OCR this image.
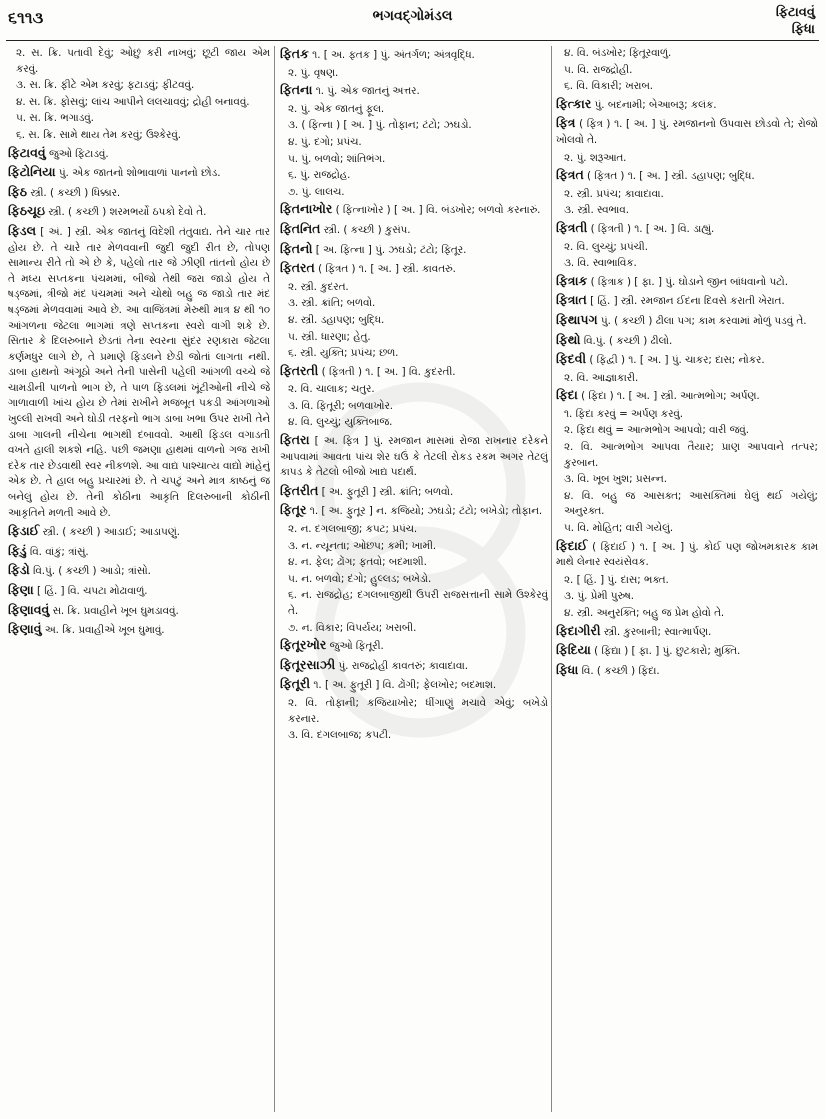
૬૧૧૩	ભગવદ્ગોમંડલ	ફિટાવવું
ફિધા
૨. સ. ક્રિ. પતાવી દેવું; ઓછું કરી નાખવું; છૂટી જાય એમ કરવું.
૩. સ. ક્રિ. ફીટે એમ કરવું; ફટાડવું; ફીટવવું.
૪. સ. ક્રિ. ફોસવું; લાંચ આપીને લલચાવવું; દ્રોહી બનાવવું.
૫. સ. ક્રિ. ભગાડવું.
૬. સ. ક્રિ. સામે થાય તેમ કરવું; ઉશ્કેરવું.
ફિટાવવું જુઓ ફિટાડવું.
ફિટોનિયા પું. એક જાતનો શોભાવાળાં પાનનો છોડ.
ફિઠ સ્ત્રી. ( કચ્છી ) ધિક્કાર.
ફિઠચૂઇ સ્ત્રી. ( કચ્છી ) શરમભર્યો ઠપકો દેવો તે.
ફિડલ [ અં. ] સ્ત્રી. એક જાતનું વિદેશી તંતુવાદ્ય. તેને ચાર તાર હોય છે. તે ચારે તાર મેળવવાની જુદી જુદી રીત છે, તોપણ સામાન્ય રીતે તો એ છે કે, પહેલો તાર જે ઝીણી તાંતનો હોય છે તે મધ્ય સપ્તકના પંચમમાં, બીજો તેથી જરા જાડો હોય તે ષડ્જમાં, ત્રીજો મંદ પંચમમાં અને ચોથો બહુ જ જાડો તાર મંદ ષડ્જમાં મેળવવામાં આવે છે. આ વાજિંત્રમાં મેરુથી માત્ર ૪ થી ૧૦ આંગળના જેટલા ભાગમાં ત્રણે સપ્તકના સ્વરો વાગી શકે છે. સિતાર કે દિલરુબાને છેડતાં તેના સ્વરના સુંદર રણકારા જેટલા કર્ણમધુર લાગે છે, તે પ્રમાણે ફિડલને છેડી જોતાં લાગતા નથી. ડાબા હાથનો અંગૂઠો અને તેની પાસેની પહેલી આંગળી વચ્ચે જે ચામડીની પાળનો ભાગ છે, તે પાળ ફિડલમાં ખૂંટીઓની નીચે જે ગાળાવાળી ખાંચ હોય છે તેમાં રાખીને મજબૂત પકડી આંગળાઓ ખુલ્લી રાખવી અને ઘોડી તરફનો ભાગ ડાબા ખભા ઉપર રાખી તેને ડાબા ગાલની નીચેના ભાગથી દબાવવો. આથી ફિડલ વગાડતી વખતે હાલી શકશે નહિ. પછી જમણા હાથમાં વાળનો ગજ રાખી દરેક તાર છેડવાથી સ્વર નીકળશે. આ વાદ્ય પાશ્ચાત્ય વાદ્યો માંહેનું એક છે. તે હાલ બહુ પ્રચારમાં છે. તે ચપટું અને માત્ર કાષ્ઠનું જ બનેલું હોય છે. તેની કોઠીના આકૃતિ દિલરુબાની કોઠીની આકૃતિને મળતી આવે છે.
ફિડાઈ સ્ત્રી. ( કચ્છી ) આડાઈ; આડાપણું.
ફિડું વિ. વાંકું; ત્રાંસું.
ફિડો વિ.પું. ( કચ્છી ) આડો; ત્રાંસો.
ફિણા [ હિં. ] વિ. ચપટા મોઢાવાળું.
ફિણાવવું સ. ક્રિ. પ્રવાહીને ખૂબ ઘુમડાવવું.
ફિણાવું અ. ક્રિ. પ્રવાહીએ ખૂબ ઘુમાવું.
ફિતક ૧. [ અ. ફતક ] પું. અંતર્ગળ; અંત્રવૃદ્ધિ.
૨. પું. વૃષણ.
ફિતના ૧. પું. એક જાતનું અત્તર.
૨. પું. એક જાતનું ફૂલ.
૩. ( ફિત્ના ) [ અ. ] પું. તોફાન; ટંટો; ઝઘડો.
૪. પું. દગો; પ્રપંચ.
૫. પું. બળવો; શાંતિભંગ.
૬. પું. રાજદ્રોહ.
૭. પું. લાલચ.
ફિતનાખોર ( ફિત્નાખોર ) [ અ. ] વિ. બંડખોર; બળવો કરનારું.
ફિતનિત સ્ત્રી. ( કચ્છી ) કુસંપ.
ફિતનો [ અ. ફિત્ના ] પું. ઝઘડો; ટંટો; ફિતૂર.
ફિતરત ( ફિત્રત ) ૧. [ અ. ] સ્ત્રી. કાવતરું.
૨. સ્ત્રી. કુદરત.
૩. સ્ત્રી. ક્રાંતિ; બળવો.
૪. સ્ત્રી. ડહાપણ; બુદ્ધિ.
૫. સ્ત્રી. ધારણા; હેતુ.
૬. સ્ત્રી. યુક્તિ; પ્રપંચ; છળ.
ફિતરતી ( ફિત્રતી ) ૧. [ અ. ] વિ. કુદરતી.
૨. વિ. ચાલાક; ચતુર.
૩. વિ. ફિતૂરી; બળવાખોર.
૪. વિ. લુચ્ચું; યુક્તિબાજ.
ફિતરા [ અ. ફિત્ર ] પું. રમજાન માસમાં રોજા રાખનાર દરેકને આપવામાં આવતા પાંચ શેર ઘઉં કે તેટલી રોકડ રકમ અગર તેટલું કાપડ કે તેટલો બીજો ખાદ્ય પદાર્થ.
ફિતરીત [ અ. ફુતૂરી ] સ્ત્રી. ક્રાંતિ; બળવો.
ફિતૂર ૧. [ અ. ફુતૂર ] ન. કજિયો; ઝઘડો; ટંટો; બખેડો; તોફાન.
૨. ન. દગલબાજી; કપટ; પ્રપંચ.
૩. ન. ન્યૂનતા; ઓછપ; કમી; ખામી.
૪. ન. ફેલ; ઢોંગ; ફતવો; બદમાશી.
૫. ન. બળવો; દંગો; હુલ્લડ; બખેડો.
૬. ન. રાજદ્રોહ; દગલબાજીથી ઉપરી રાજસત્તાની સામે ઉશ્કેરવું તે.
૭. ન. વિકાર; વિપર્યય; ખરાબી.
ફિતૂરખોર જુઓ ફિતૂરી.
ફિતૂરસાઝી પું. રાજદ્રોહી કાવતરું; કાવાદાવા.
ફિતૂરી ૧. [ અ. ફુતૂરી ] વિ. ઢોંગી; ફેલખોર; બદમાશ.
૨. વિ. તોફાની; કજિયાખોર; ધીંગાણું મચાવે એવું; બખેડો કરનાર.
૩. વિ. દગલબાજ; કપટી.
૪. વિ. બંડખોર; ફિતૂરવાળું.
૫. વિ. રાજદ્રોહી.
૬. વિ. વિકારી; ખરાબ.
ફિત્કાર પું. બદનામી; બેઆબરૂ; કલંક.
ફિત્ર ( ફિત્ર ) ૧. [ અ. ] પું. રમજાનનો ઉપવાસ છોડવો તે; રોજો ખોલવો તે.
૨. પું. શરૂઆત.
ફિત્રત ( ફિત્રત ) ૧. [ અ. ] સ્ત્રી. ડહાપણ; બુદ્ધિ.
૨. સ્ત્રી. પ્રપંચ; કાવાદાવા.
૩. સ્ત્રી. સ્વભાવ.
ફિત્રતી ( ફિત્રતી ) ૧. [ અ. ] વિ. ડાહ્યું.
૨. વિ. લુચ્ચું; પ્રપંચી.
૩. વિ. સ્વાભાવિક.
ફિત્રાક ( ફિત્રાક ) [ ફા. ] પું. ઘોડાને જીન બાંધવાનો પટો.
ફિત્રાત [ હિં. ] સ્ત્રી. રમજાન ઈદના દિવસે કરાતી ખેરાત.
ફિથાપગ પું. ( કચ્છી ) ઢીલા પગ; કામ કરવામાં મોળું પડવું તે.
ફિથો વિ.પું. ( કચ્છી ) ઢીલો.
ફિદવી ( ફિદ્વી ) ૧. [ અ. ] પું. ચાકર; દાસ; નોકર.
૨. વિ. આજ્ઞાકારી.
ફિદા ( ફિદા ) ૧. [ અ. ] સ્ત્રી. આત્મભોગ; અર્પણ.
૧. ફિદા કરવું = અર્પણ કરવું.
૨. ફિદા થવું = આત્મભોગ આપવો; વારી જવું.
૨. વિ. આત્મભોગ આપવા તૈયાર; પ્રાણ આપવાને તત્પર; કુરબાન.
૩. વિ. ખૂબ ખુશ; પ્રસન્ન.
૪. વિ. બહુ જ આસક્ત; આસક્તિમાં ઘેલું થઈ ગયેલું; અનુરક્ત.
૫. વિ. મોહિત; વારી ગયેલું.
ફિદાઈ ( ફિદાઈ ) ૧. [ અ. ] પું. કોઈ પણ જોખમકારક કામ માથે લેનાર સ્વયંસેવક.
૨. [ હિં. ] પું. દાસ; ભક્ત.
૩. પું. પ્રેમી પુરુષ.
૪. સ્ત્રી. અનુરક્તિ; બહુ જ પ્રેમ હોવો તે.
ફિદાગીરી સ્ત્રી. કુરબાની; સ્વાત્માર્પણ.
ફિદિયા ( ફિદ્યા ) [ ફા. ] પું. છુટકારો; મુક્તિ.
ફિધા વિ. ( કચ્છી ) ફિદા.
